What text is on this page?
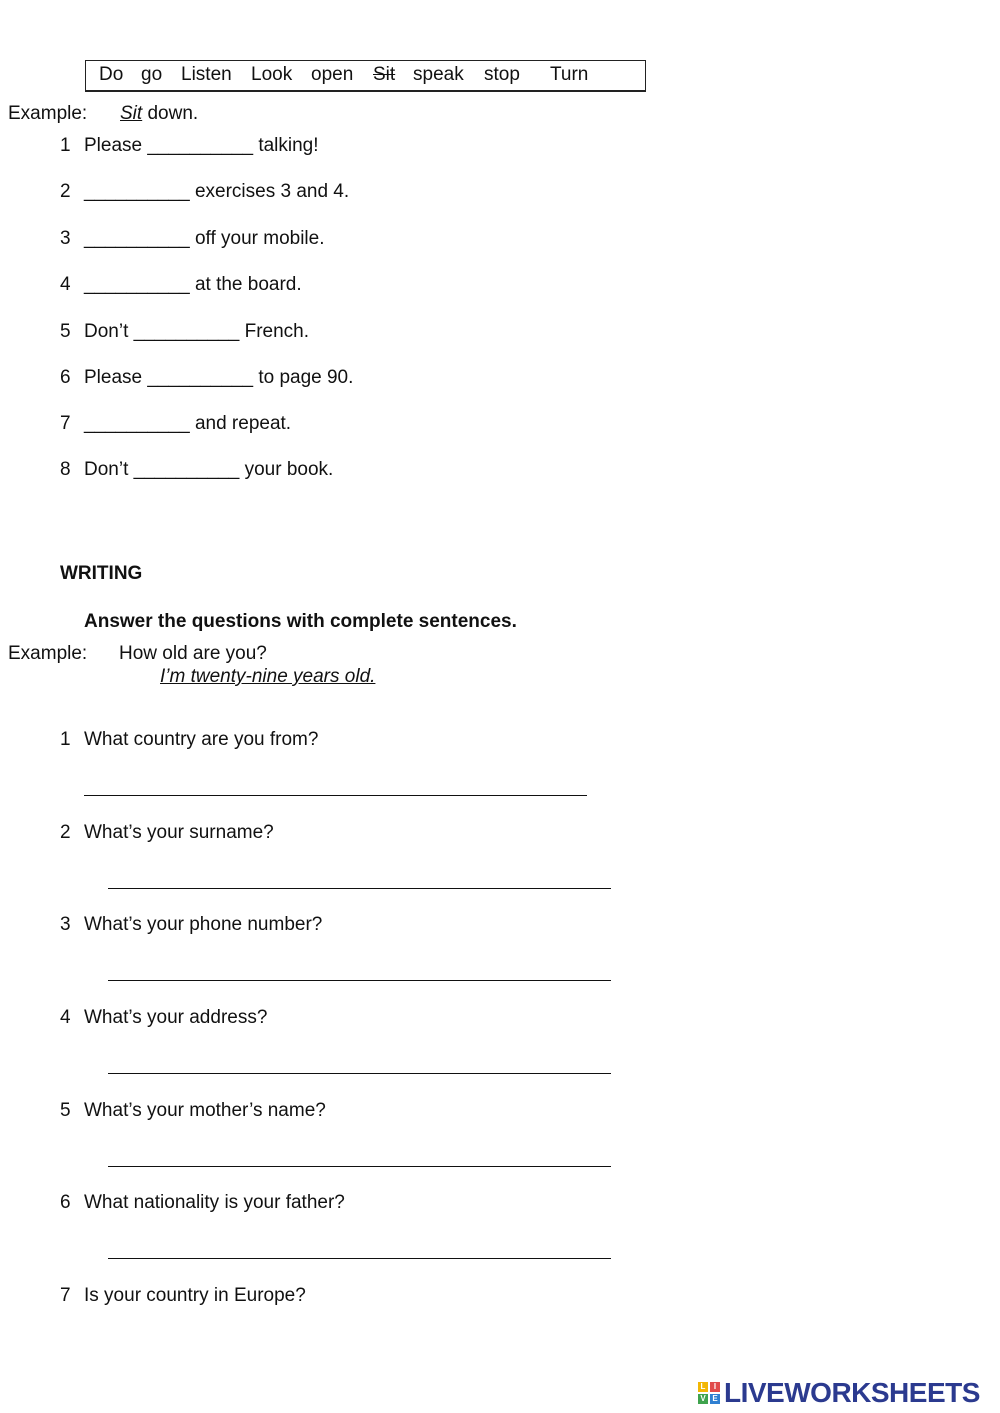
Do go Listen Look open Sit speak stop Turn
Example: Sit down.
1 Please __________ talking!
2 __________ exercises 3 and 4.
3 __________ off your mobile.
4 __________ at the board.
5 Don’t __________ French.
6 Please __________ to page 90.
7 __________ and repeat.
8 Don’t __________ your book.
WRITING
Answer the questions with complete sentences.
Example: How old are you?
I’m twenty-nine years old.
1 What country are you from?
2 What’s your surname?
3 What’s your phone number?
4 What’s your address?
5 What’s your mother’s name?
6 What nationality is your father?
7 Is your country in Europe?
L	I
V E LIVEWORKSHEETS
